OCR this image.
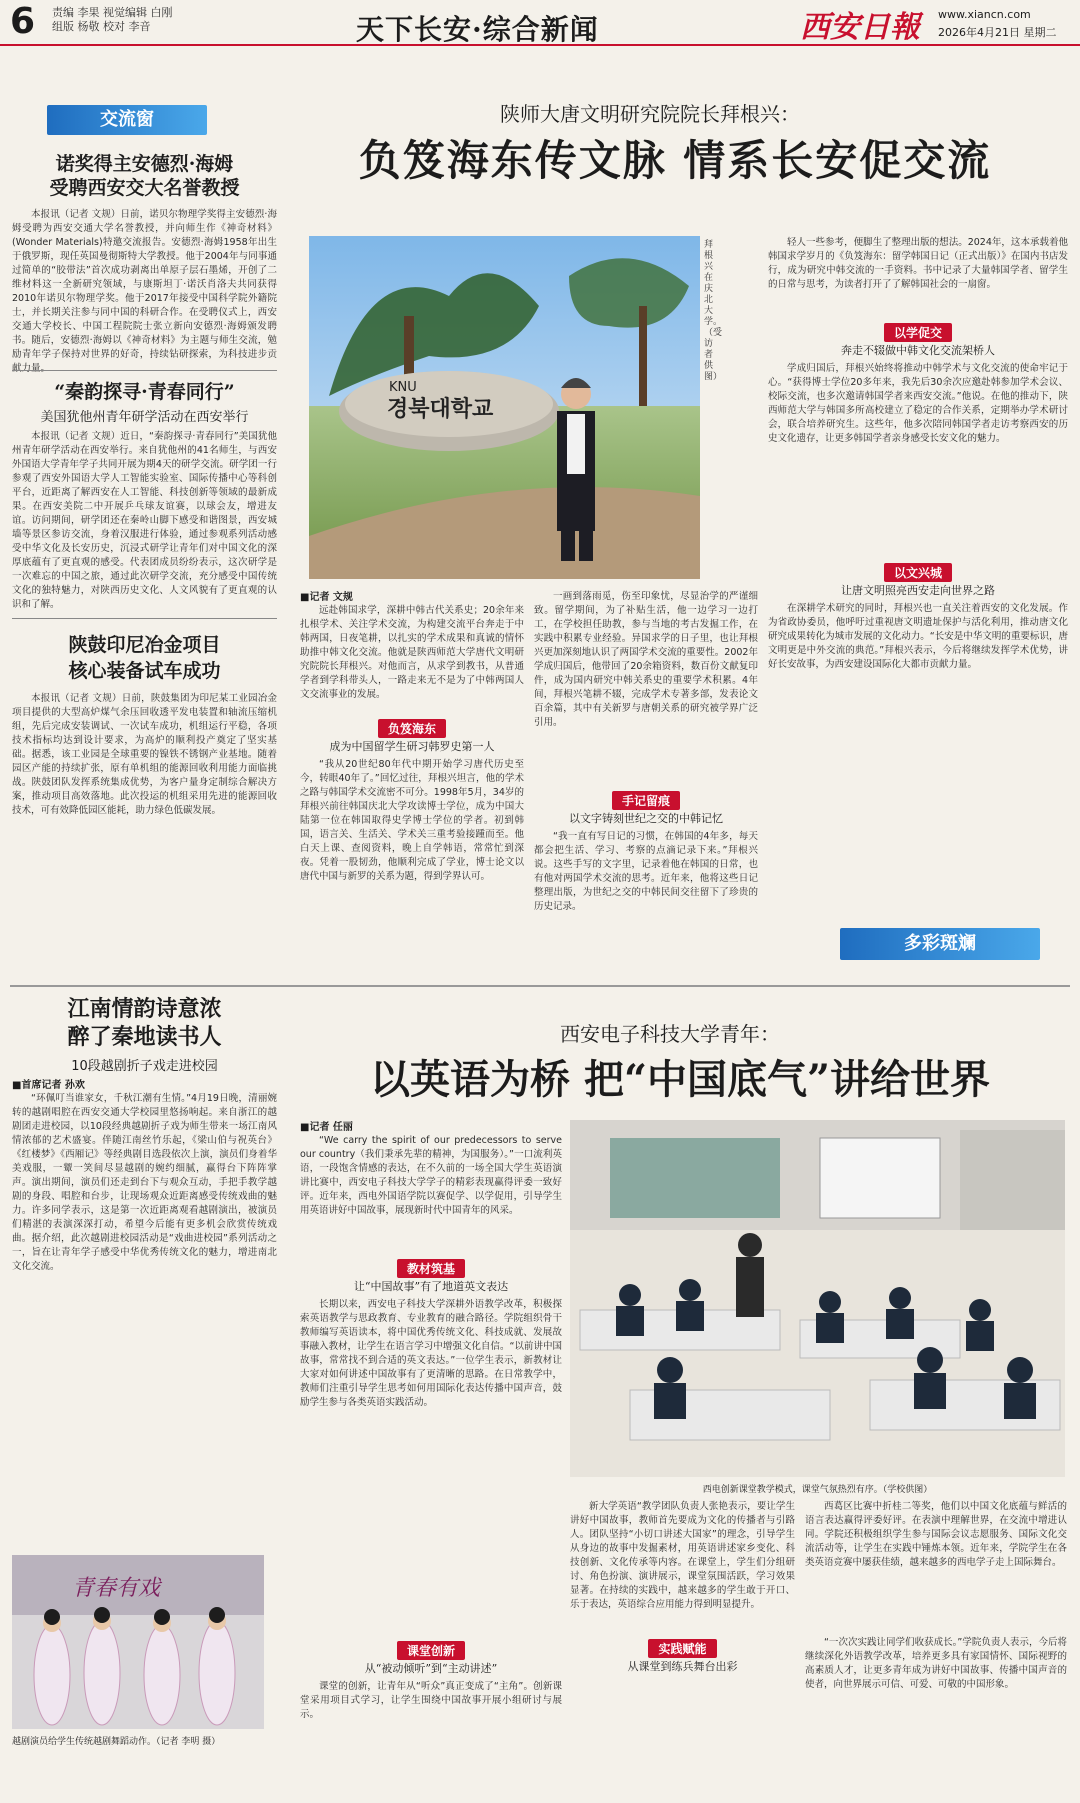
6 责编 李果 视觉编辑 白刚
组版 杨敬 校对 李音	天下长安·综合新闻	西安日報 www.xiancn.com
2026年4月21日 星期二
交流窗
诺奖得主安德烈·海姆
受聘西安交大名誉教授

本报讯（记者 文规）日前，诺贝尔物理学奖得主安德烈·海姆受聘为西安交通大学名誉教授，并向师生作《神奇材料》(Wonder Materials)特邀交流报告。安德烈·海姆1958年出生于俄罗斯，现任英国曼彻斯特大学教授。他于2004年与同事通过简单的“胶带法”首次成功剥离出单原子层石墨烯，开创了二维材料这一全新研究领域，与康斯坦丁·诺沃肖洛夫共同获得2010年诺贝尔物理学奖。他于2017年接受中国科学院外籍院士，并长期关注参与同中国的科研合作。在受聘仪式上，西安交通大学校长、中国工程院院士张立新向安德烈·海姆颁发聘书。随后，安德烈·海姆以《神奇材料》为主题与师生交流，勉励青年学子保持对世界的好奇，持续钻研探索，为科技进步贡献力量。

“秦韵探寻·青春同行”
美国犹他州青年研学活动在西安举行

本报讯（记者 文规）近日，“秦韵探寻·青春同行”美国犹他州青年研学活动在西安举行。来自犹他州的41名师生，与西安外国语大学青年学子共同开展为期4天的研学交流。研学团一行参观了西安外国语大学人工智能实验室、国际传播中心等科创平台，近距离了解西安在人工智能、科技创新等领域的最新成果。在西安美院二中开展乒乓球友谊赛，以球会友，增进友谊。访问期间，研学团还在秦岭山脚下感受和谐图景，西安城墙等景区参访交流，身着汉服进行体验，通过参观系列活动感受中华文化及长安历史，沉浸式研学让青年们对中国文化的深厚底蕴有了更直观的感受。代表团成员纷纷表示，这次研学是一次难忘的中国之旅，通过此次研学交流，充分感受中国传统文化的独特魅力，对陕西历史文化、人文风貌有了更直观的认识和了解。

陕鼓印尼冶金项目
核心装备试车成功

本报讯（记者 文规）日前，陕鼓集团为印尼某工业园冶金项目提供的大型高炉煤气余压回收透平发电装置和轴流压缩机组，先后完成安装调试、一次试车成功，机组运行平稳，各项技术指标均达到设计要求，为高炉的顺利投产奠定了坚实基础。据悉，该工业园是全球重要的镍铁不锈钢产业基地。随着园区产能的持续扩张，原有单机组的能源回收利用能力面临挑战。陕鼓团队发挥系统集成优势，为客户量身定制综合解决方案，推动项目高效落地。此次投运的机组采用先进的能源回收技术，可有效降低园区能耗，助力绿色低碳发展。

陕师大唐文明研究院院长拜根兴：
负笈海东传文脉 情系长安促交流
KNU
경북대학교
拜根兴在庆北大学。（受访者供图）
■记者 文规

远赴韩国求学，深耕中韩古代关系史；20余年来扎根学术、关注学术交流，为构建交流平台奔走于中韩两国，日夜笔耕，以扎实的学术成果和真诚的情怀助推中韩文化交流。他就是陕西师范大学唐代文明研究院院长拜根兴。对他而言，从求学到教书，从普通学者到学科带头人，一路走来无不是为了中韩两国人文交流事业的发展。

负笈海东
成为中国留学生研习韩罗史第一人

“我从20世纪80年代中期开始学习唐代历史至今，转眼40年了。”回忆过往，拜根兴坦言，他的学术之路与韩国学术交流密不可分。1998年5月，34岁的拜根兴前往韩国庆北大学攻读博士学位，成为中国大陆第一位在韩国取得史学博士学位的学者。初到韩国，语言关、生活关、学术关三重考验接踵而至。他白天上课、查阅资料，晚上自学韩语，常常忙到深夜。凭着一股韧劲，他顺利完成了学业，博士论文以唐代中国与新罗的关系为题，得到学界认可。

一画到落雨觅，伤至印象忧，尽显治学的严谨细致。留学期间，为了补贴生活，他一边学习一边打工，在学校担任助教，参与当地的考古发掘工作，在实践中积累专业经验。异国求学的日子里，也让拜根兴更加深刻地认识了两国学术交流的重要性。2002年学成归国后，他带回了20余箱资料，数百份文献复印件，成为国内研究中韩关系史的重要学术积累。4年间，拜根兴笔耕不辍，完成学术专著多部，发表论文百余篇，其中有关新罗与唐朝关系的研究被学界广泛引用。

手记留痕
以文字铸刻世纪之交的中韩记忆

“我一直有写日记的习惯，在韩国的4年多，每天都会把生活、学习、考察的点滴记录下来。”拜根兴说。这些手写的文字里，记录着他在韩国的日常，也有他对两国学术交流的思考。近年来，他将这些日记整理出版，为世纪之交的中韩民间交往留下了珍贵的历史记录。

轻人一些参考，便脚生了整理出版的想法。2024年，这本承载着他韩国求学岁月的《负笈海东：留学韩国日记（正式出版）》在国内书店发行，成为研究中韩交流的一手资料。书中记录了大量韩国学者、留学生的日常与思考，为读者打开了了解韩国社会的一扇窗。

以学促交
奔走不辍做中韩文化交流架桥人

学成归国后，拜根兴始终将推动中韩学术与文化交流的使命牢记于心。“获得博士学位20多年来，我先后30余次应邀赴韩参加学术会议、校际交流，也多次邀请韩国学者来西安交流。”他说。在他的推动下，陕西师范大学与韩国多所高校建立了稳定的合作关系，定期举办学术研讨会，联合培养研究生。这些年，他多次陪同韩国学者走访考察西安的历史文化遗存，让更多韩国学者亲身感受长安文化的魅力。

以文兴城
让唐文明照亮西安走向世界之路

在深耕学术研究的同时，拜根兴也一直关注着西安的文化发展。作为省政协委员，他呼吁过重视唐文明遗址保护与活化利用，推动唐文化研究成果转化为城市发展的文化动力。“长安是中华文明的重要标识，唐文明更是中外交流的典范。”拜根兴表示，今后将继续发挥学术优势，讲好长安故事，为西安建设国际化大都市贡献力量。

多彩斑斓
江南情韵诗意浓
醉了秦地读书人
10段越剧折子戏走进校园
■首席记者 孙欢

“环佩叮当谁家女，千秋江潮有生情。”4月19日晚，清丽婉转的越剧唱腔在西安交通大学校园里悠扬响起。来自浙江的越剧团走进校园，以10段经典越剧折子戏为师生带来一场江南风情浓郁的艺术盛宴。伴随江南丝竹乐起，《梁山伯与祝英台》《红楼梦》《西厢记》等经典剧目选段依次上演，演员们身着华美戏服，一颦一笑间尽显越剧的婉约细腻，赢得台下阵阵掌声。演出期间，演员们还走到台下与观众互动，手把手教学越剧的身段、唱腔和台步，让现场观众近距离感受传统戏曲的魅力。许多同学表示，这是第一次近距离观看越剧演出，被演员们精湛的表演深深打动，希望今后能有更多机会欣赏传统戏曲。据介绍，此次越剧进校园活动是“戏曲进校园”系列活动之一，旨在让青年学子感受中华优秀传统文化的魅力，增进南北文化交流。

青春有戏
越剧演员给学生传统越剧舞蹈动作。（记者 李明 摄）
西安电子科技大学青年：
以英语为桥 把“中国底气”讲给世界
■记者 任丽

“We carry the spirit of our predecessors to serve our country（我们秉承先辈的精神，为国服务）。”一口流利英语，一段饱含情感的表达，在不久前的一场全国大学生英语演讲比赛中，西安电子科技大学学子的精彩表现赢得评委一致好评。近年来，西电外国语学院以赛促学、以学促用，引导学生用英语讲好中国故事，展现新时代中国青年的风采。

教材筑基
让“中国故事”有了地道英文表达

长期以来，西安电子科技大学深耕外语教学改革，积极探索英语教学与思政教育、专业教育的融合路径。学院组织骨干教师编写英语读本，将中国优秀传统文化、科技成就、发展故事融入教材，让学生在语言学习中增强文化自信。“以前讲中国故事，常常找不到合适的英文表达。”一位学生表示，新教材让大家对如何讲述中国故事有了更清晰的思路。在日常教学中，教师们注重引导学生思考如何用国际化表达传播中国声音，鼓励学生参与各类英语实践活动。

课堂创新
从“被动倾听”到“主动讲述”

课堂的创新，让青年从“听众”真正变成了“主角”。创新课堂采用项目式学习，让学生围绕中国故事开展小组研讨与展示。

西电创新课堂教学模式，课堂气氛热烈有序。（学校供图）

新大学英语“教学团队负责人张艳表示，要让学生讲好中国故事，教师首先要成为文化的传播者与引路人。团队坚持“小切口讲述大国家”的理念，引导学生从身边的故事中发掘素材，用英语讲述家乡变化、科技创新、文化传承等内容。在课堂上，学生们分组研讨、角色扮演、演讲展示，课堂氛围活跃，学习效果显著。在持续的实践中，越来越多的学生敢于开口、乐于表达，英语综合应用能力得到明显提升。

西葛区比赛中折桂二等奖，他们以中国文化底蕴与鲜活的语言表达赢得评委好评。在表演中理解世界，在交流中增进认同。学院还积极组织学生参与国际会议志愿服务、国际文化交流活动等，让学生在实践中锤炼本领。近年来，学院学生在各类英语竞赛中屡获佳绩，越来越多的西电学子走上国际舞台。

实践赋能
从课堂到练兵舞台出彩

“一次次实践让同学们收获成长。”学院负责人表示，今后将继续深化外语教学改革，培养更多具有家国情怀、国际视野的高素质人才，让更多青年成为讲好中国故事、传播中国声音的使者，向世界展示可信、可爱、可敬的中国形象。
